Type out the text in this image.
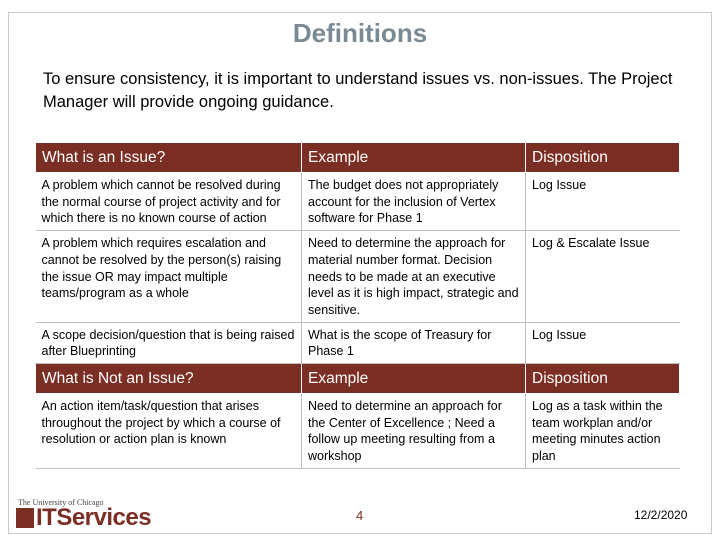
Definitions
To ensure consistency, it is important to understand issues vs. non-issues. The Project Manager will provide ongoing guidance.
What is an Issue?	Example	Disposition
A problem which cannot be resolved during the normal course of project activity and for which there is no known course of action	The budget does not appropriately account for the inclusion of Vertex software for Phase 1	Log Issue
A problem which requires escalation and cannot be resolved by the person(s) raising the issue OR may impact multiple teams/program as a whole	Need to determine the approach for material number format. Decision needs to be made at an executive level as it is high impact, strategic and sensitive.	Log & Escalate Issue
A scope decision/question that is being raised after Blueprinting	What is the scope of Treasury for Phase 1	Log Issue
What is Not an Issue?	Example	Disposition
An action item/task/question that arises throughout the project by which a course of resolution or action plan is known	Need to determine an approach for the Center of Excellence ; Need a follow up meeting resulting from a workshop	Log as a task within the team workplan and/or meeting minutes action plan
The University of Chicago
ITServices	4	12/2/2020
